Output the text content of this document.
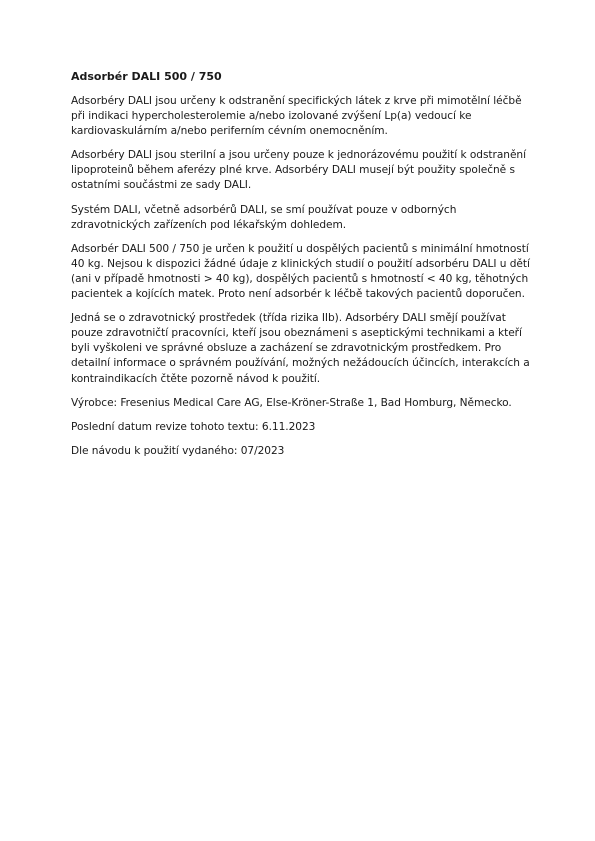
Adsorbér DALI 500 / 750

Adsorbéry DALI jsou určeny k odstranění specifických látek z krve při mimotělní léčbě při indikaci hypercholesterolemie a/nebo izolované zvýšení Lp(a) vedoucí ke kardiovaskulárním a/nebo periferním cévním onemocněním.

Adsorbéry DALI jsou sterilní a jsou určeny pouze k jednorázovému použití k odstranění lipoproteinů během aferézy plné krve. Adsorbéry DALI musejí být použity společně s ostatními součástmi ze sady DALI.

Systém DALI, včetně adsorbérů DALI, se smí používat pouze v odborných zdravotnických zařízeních pod lékařským dohledem.

Adsorbér DALI 500 / 750 je určen k použití u dospělých pacientů s minimální hmotností 40 kg. Nejsou k dispozici žádné údaje z klinických studií o použití adsorbéru DALI u dětí (ani v případě hmotnosti > 40 kg), dospělých pacientů s hmotností < 40 kg, těhotných pacientek a kojících matek. Proto není adsorbér k léčbě takových pacientů doporučen.

Jedná se o zdravotnický prostředek (třída rizika IIb). Adsorbéry DALI smějí používat pouze zdravotničtí pracovníci, kteří jsou obeznámeni s aseptickými technikami a kteří byli vyškoleni ve správné obsluze a zacházení se zdravotnickým prostředkem. Pro detailní informace o správném používání, možných nežádoucích účincích, interakcích a kontraindikacích čtěte pozorně návod k použití.

Výrobce: Fresenius Medical Care AG, Else-Kröner-Straße 1, Bad Homburg, Německo.

Poslední datum revize tohoto textu: 6.11.2023

Dle návodu k použití vydaného: 07/2023
